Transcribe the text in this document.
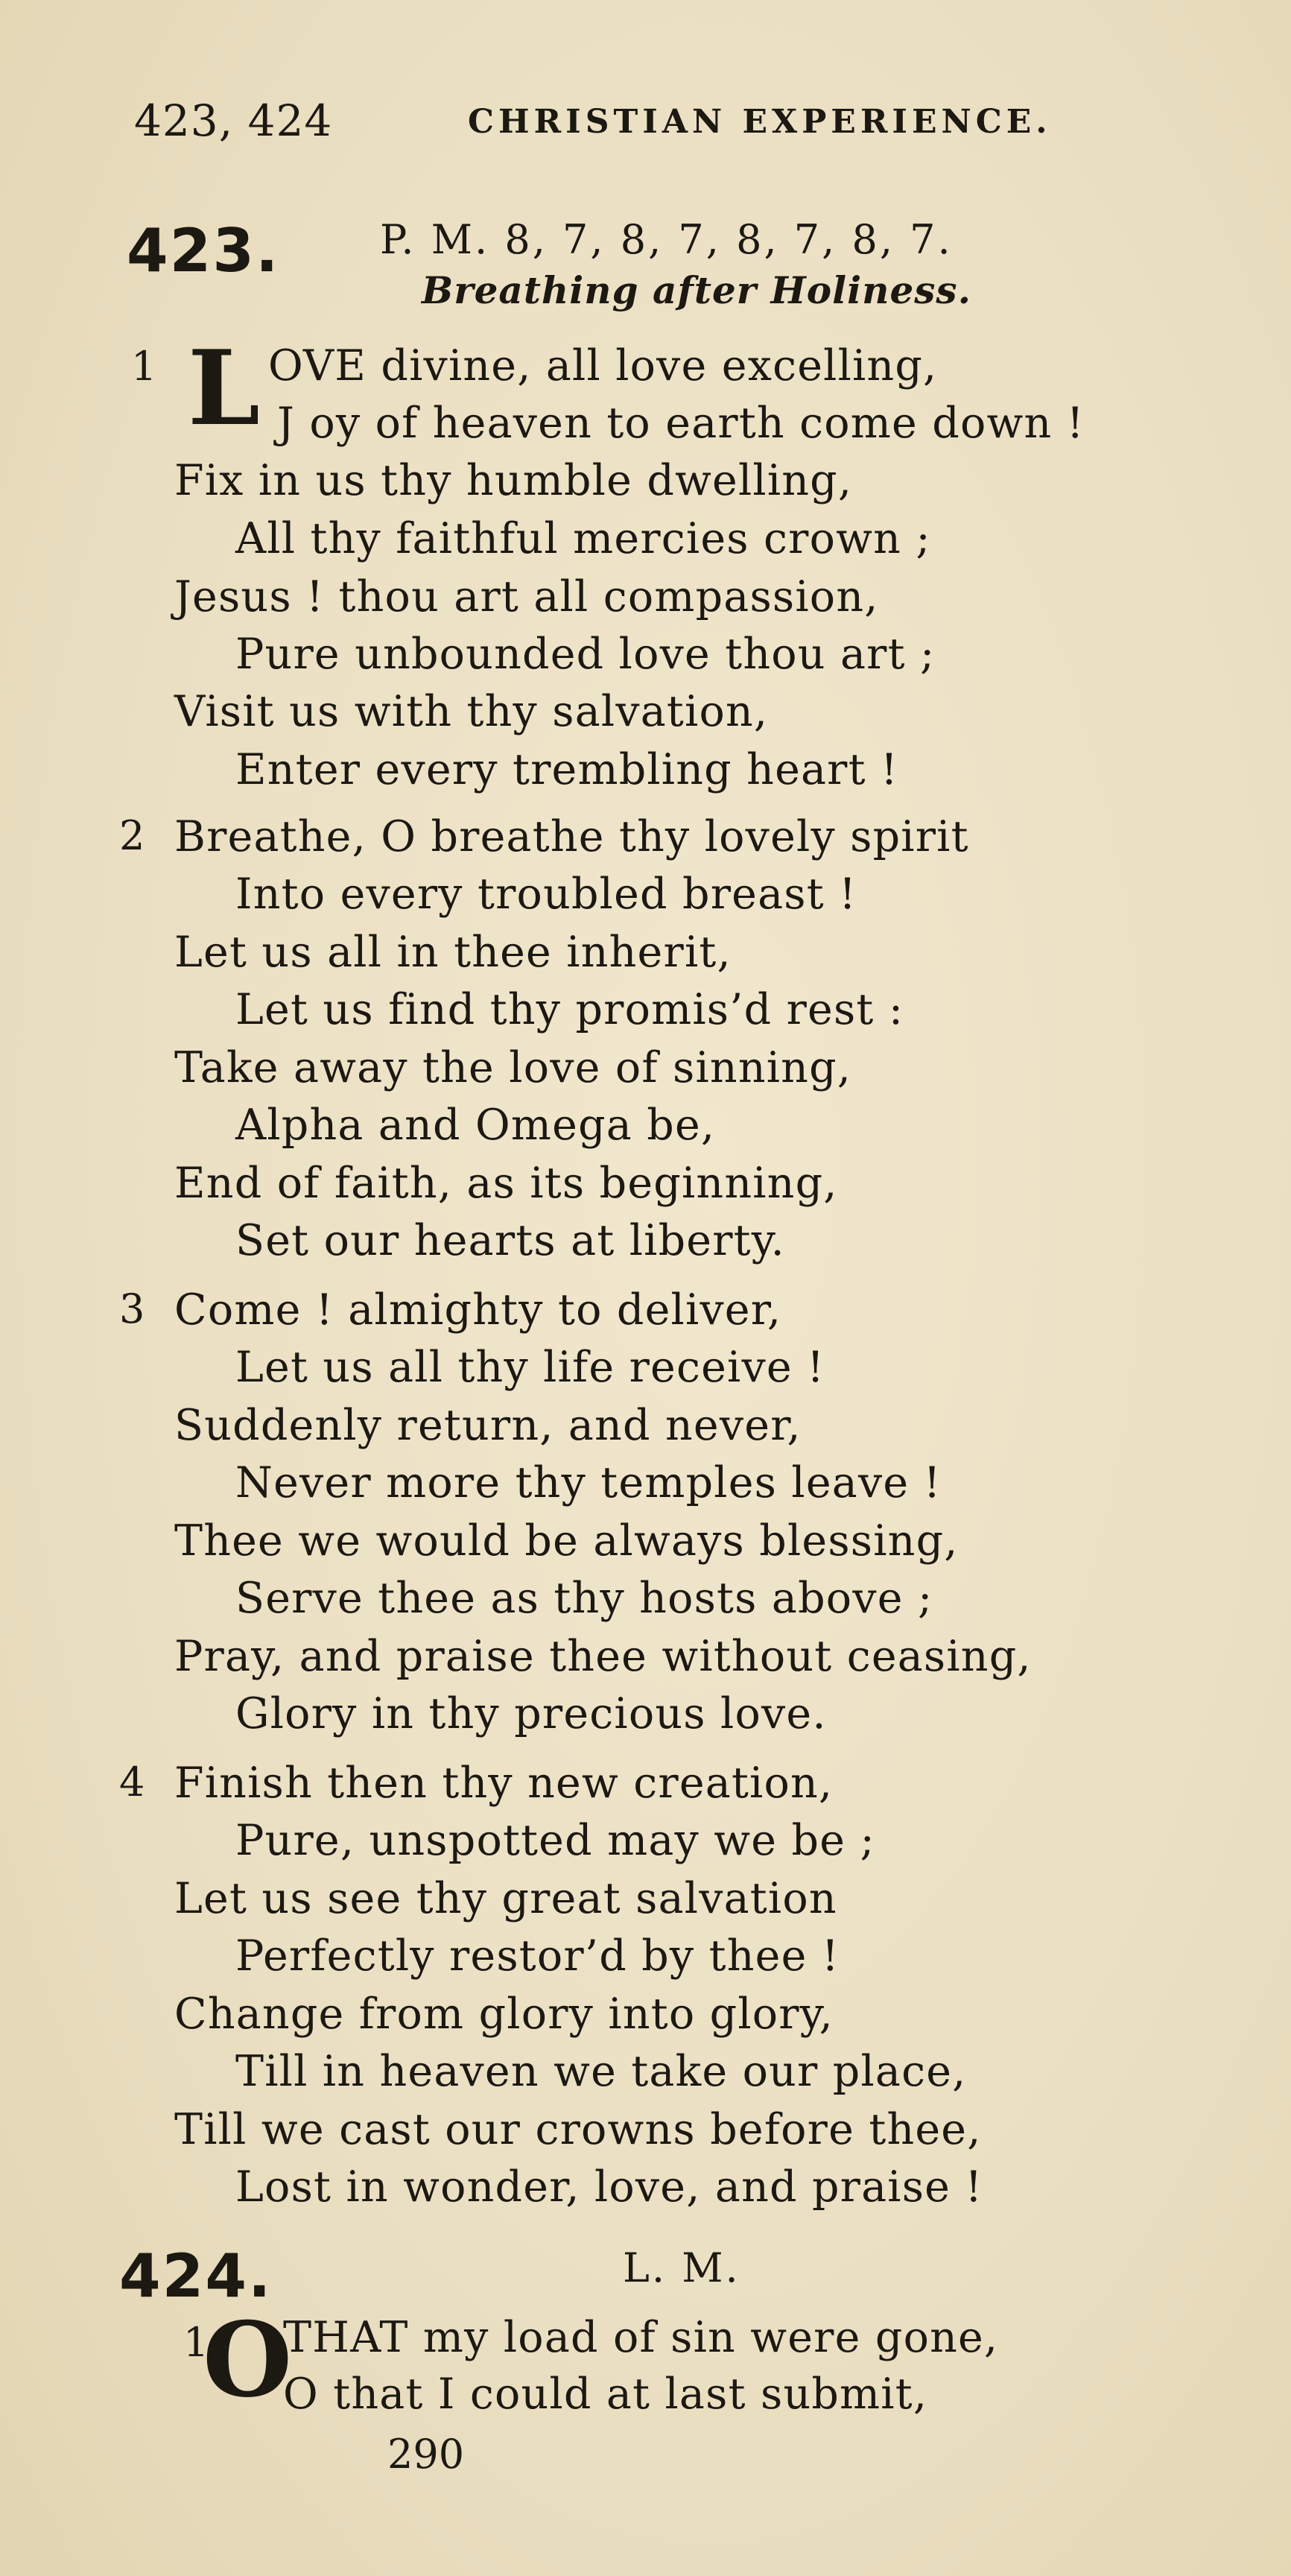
423, 424	CHRISTIAN EXPERIENCE.
423. P. M. 8, 7, 8, 7, 8, 7, 8, 7.
Breathing after Holiness.
1 L OVE divine, all love excelling,
J oy of heaven to earth come down !
Fix in us thy humble dwelling,
All thy faithful mercies crown ;
Jesus ! thou art all compassion,
Pure unbounded love thou art ;
Visit us with thy salvation,
Enter every trembling heart !
2 Breathe, O breathe thy lovely spirit
Into every troubled breast !
Let us all in thee inherit,
Let us find thy promis’d rest :
Take away the love of sinning,
Alpha and Omega be,
End of faith, as its beginning,
Set our hearts at liberty.
3 Come ! almighty to deliver,
Let us all thy life receive !
Suddenly return, and never,
Never more thy temples leave !
Thee we would be always blessing,
Serve thee as thy hosts above ;
Pray, and praise thee without ceasing,
Glory in thy precious love.
4 Finish then thy new creation,
Pure, unspotted may we be ;
Let us see thy great salvation
Perfectly restor’d by thee !
Change from glory into glory,
Till in heaven we take our place,
Till we cast our crowns before thee,
Lost in wonder, love, and praise !
424.	L. M.
1
O
THAT my load of sin were gone,
O that I could at last submit,
290
